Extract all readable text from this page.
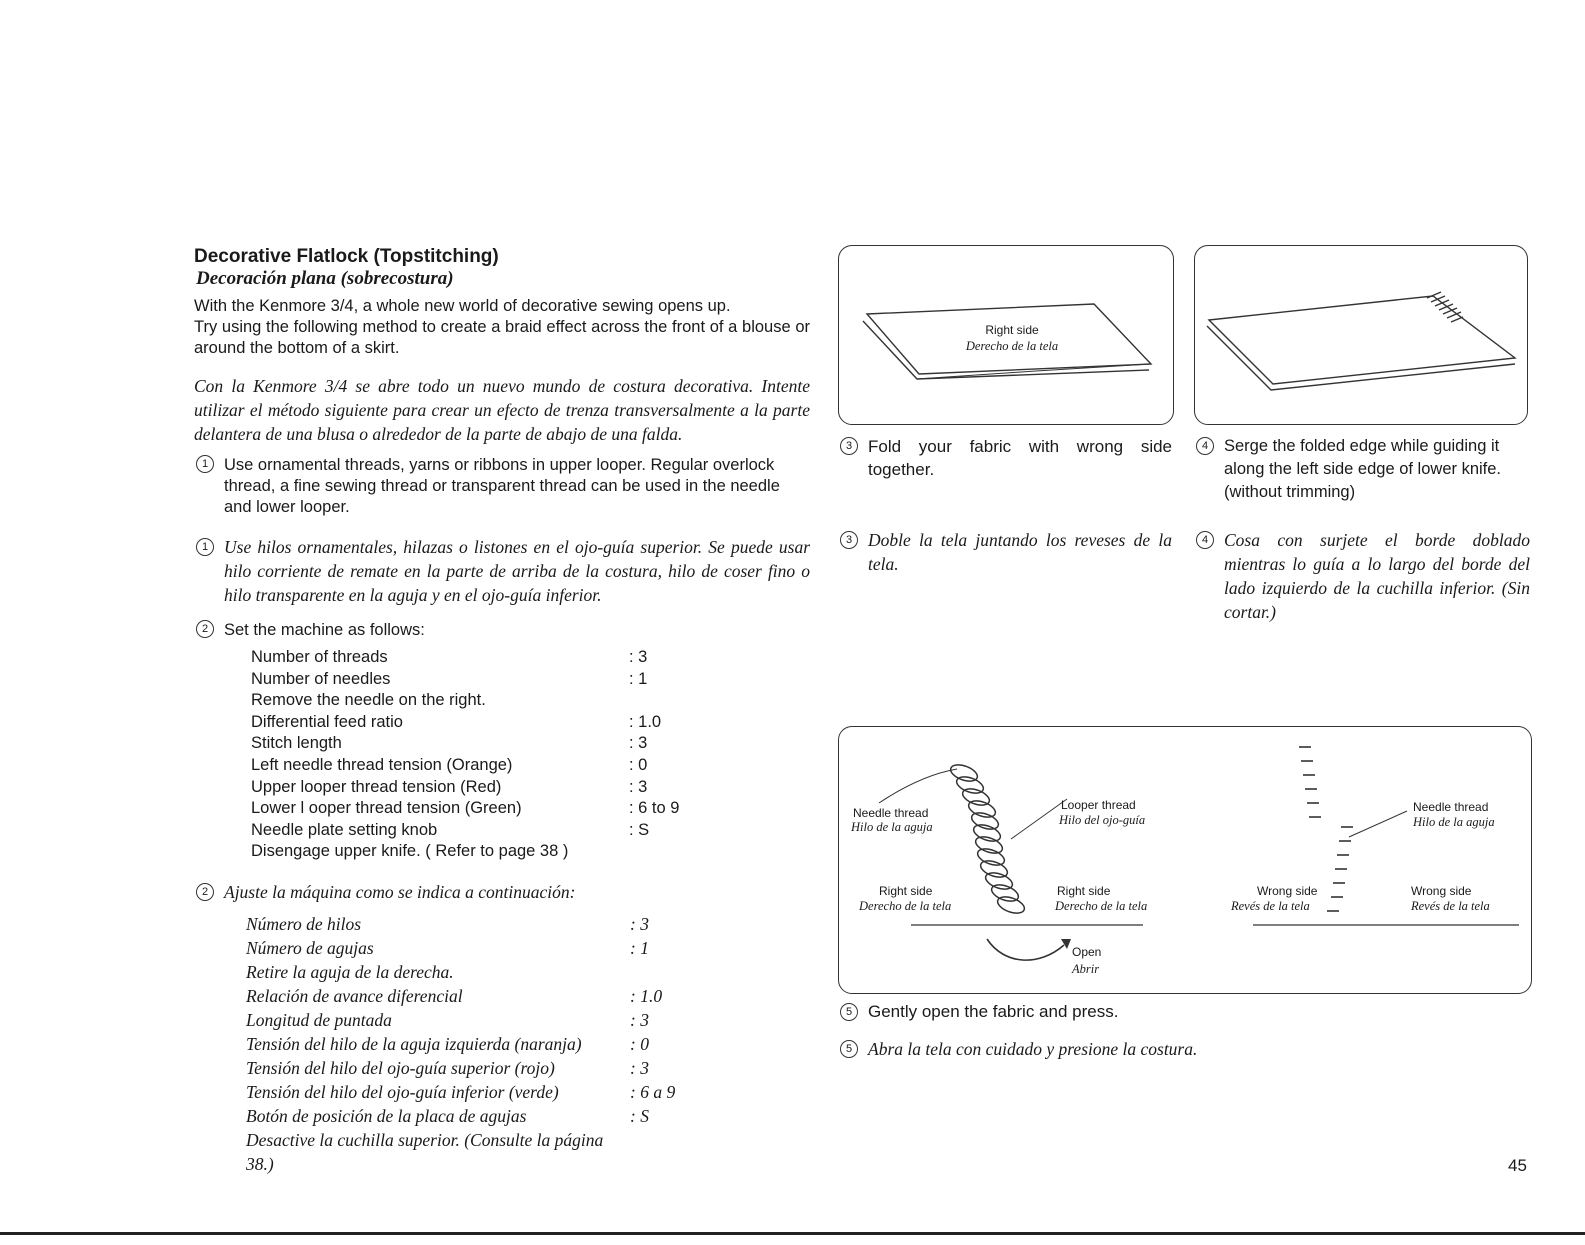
Decorative Flatlock (Topstitching)
Decoración plana (sobrecostura)

With the Kenmore 3/4, a whole new world of decorative sewing opens up.

Try using the following method to create a braid effect across the front of a blouse or around the bottom of a skirt.

Con la Kenmore 3/4 se abre todo un nuevo mundo de costura decorativa. Intente utilizar el método siguiente para crear un efecto de trenza transversalmente a la parte delantera de una blusa o alrededor de la parte de abajo de una falda.

1 Use ornamental threads, yarns or ribbons in upper looper. Regular overlock thread, a fine sewing thread or transparent thread can be used in the needle and lower looper.

1 Use hilos ornamentales, hilazas o listones en el ojo-guía superior. Se puede usar hilo corriente de remate en la parte de arriba de la costura, hilo de coser fino o hilo transparente en la aguja y en el ojo-guía inferior.

2 Set the machine as follows:

Number of threads	: 3
Number of needles	: 1
Remove the needle on the right.	
Differential feed ratio	: 1.0
Stitch length	: 3
Left needle thread tension (Orange)	: 0
Upper looper thread tension (Red)	: 3
Lower l ooper thread tension (Green)	: 6 to 9
Needle plate setting knob	: S
Disengage upper knife. ( Refer to page 38 )	
2 Ajuste la máquina como se indica a continuación:

Número de hilos	: 3
Número de agujas	: 1
Retire la aguja de la derecha.	
Relación de avance diferencial	: 1.0
Longitud de puntada	: 3
Tensión del hilo de la aguja izquierda (naranja)	: 0
Tensión del hilo del ojo-guía superior (rojo)	: 3
Tensión del hilo del ojo-guía inferior (verde)	: 6 a 9
Botón de posición de la placa de agujas	: S
Desactive la cuchilla superior. (Consulte la página 38.)	
Right side
Derecho de la tela
3 Fold your fabric with wrong side together.

4 Serge the folded edge while guiding it along the left side edge of lower knife. (without trimming)

3 Doble la tela juntando los reveses de la tela.

4 Cosa con surjete el borde doblado mientras lo guía a lo largo del borde del lado izquierdo de la cuchilla inferior. (Sin cortar.)

Needle thread
Hilo de la aguja
Looper thread
Hilo del ojo-guía
Right side
Derecho de la tela
Right side
Derecho de la tela
Open
Abrir
Needle thread
Hilo de la aguja
Wrong side
Revés de la tela
Wrong side
Revés de la tela
5 Gently open the fabric and press.

5 Abra la tela con cuidado y presione la costura.

45
